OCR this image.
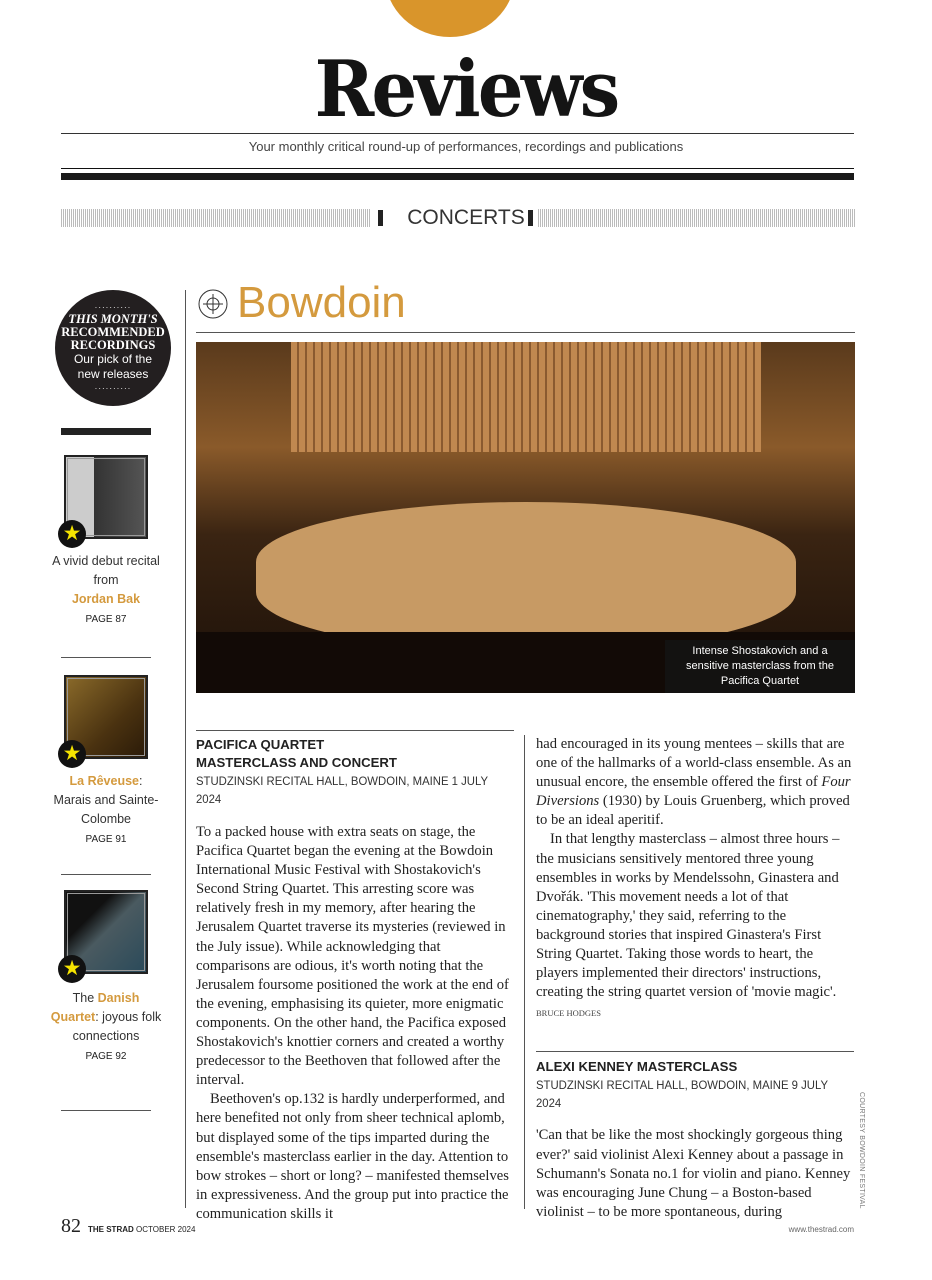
Reviews
Your monthly critical round-up of performances, recordings and publications
CONCERTS
··········
THIS MONTH'S
RECOMMENDED
RECORDINGS
Our pick of the
new releases
··········
★
A vivid debut recital from
Jordan Bak
PAGE 87
★
La Rêveuse: Marais and Sainte-Colombe
PAGE 91
★
The Danish Quartet: joyous folk connections
PAGE 92
Bowdoin
Intense Shostakovich and a sensitive masterclass from the Pacifica Quartet
PACIFICA QUARTET
MASTERCLASS AND CONCERT
STUDZINSKI RECITAL HALL, BOWDOIN, MAINE 1 JULY 2024

To a packed house with extra seats on stage, the Pacifica Quartet began the evening at the Bowdoin International Music Festival with Shostakovich's Second String Quartet. This arresting score was relatively fresh in my memory, after hearing the Jerusalem Quartet traverse its mysteries (reviewed in the July issue). While acknowledging that comparisons are odious, it's worth noting that the Jerusalem foursome positioned the work at the end of the evening, emphasising its quieter, more enigmatic components. On the other hand, the Pacifica exposed Shostakovich's knottier corners and created a worthy predecessor to the Beethoven that followed after the interval.

Beethoven's op.132 is hardly underperformed, and here benefited not only from sheer technical aplomb, but displayed some of the tips imparted during the ensemble's masterclass earlier in the day. Attention to bow strokes – short or long? – manifested themselves in expressiveness. And the group put into practice the communication skills it

had encouraged in its young mentees – skills that are one of the hallmarks of a world-class ensemble. As an unusual encore, the ensemble offered the first of Four Diversions (1930) by Louis Gruenberg, which proved to be an ideal aperitif.

In that lengthy masterclass – almost three hours – the musicians sensitively mentored three young ensembles in works by Mendelssohn, Ginastera and Dvořák. 'This movement needs a lot of that cinematography,' they said, referring to the background stories that inspired Ginastera's First String Quartet. Taking those words to heart, the players implemented their directors' instructions, creating the string quartet version of 'movie magic'.

BRUCE HODGES
ALEXI KENNEY MASTERCLASS
STUDZINSKI RECITAL HALL, BOWDOIN, MAINE 9 JULY 2024

'Can that be like the most shockingly gorgeous thing ever?' said violinist Alexi Kenney about a passage in Schumann's Sonata no.1 for violin and piano. Kenney was encouraging June Chung – a Boston-based violinist – to be more spontaneous, during

COURTESY BOWDOIN FESTIVAL
82 THE STRAD OCTOBER 2024	www.thestrad.com
